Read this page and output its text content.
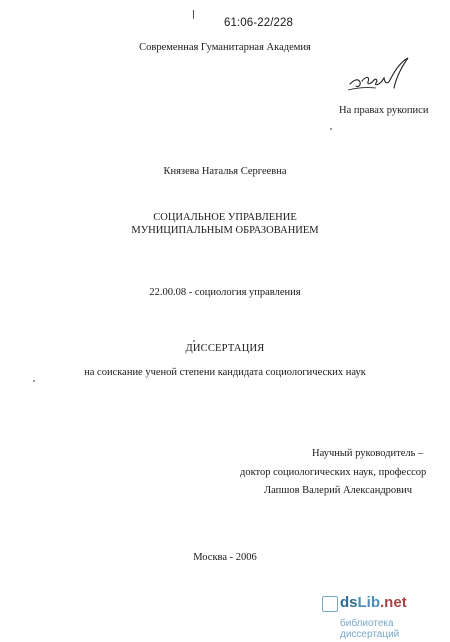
61:06-22/228
Современная Гуманитарная Академия
На правах рукописи
Князева Наталья Сергеевна
СОЦИАЛЬНОЕ УПРАВЛЕНИЕ
МУНИЦИПАЛЬНЫМ ОБРАЗОВАНИЕМ
22.00.08 - социология управления
ДИССЕРТАЦИЯ
на соискание ученой степени кандидата социологических наук
Научный руководитель –
доктор социологических наук, профессор
Лапшов Валерий Александрович
Москва - 2006
dsLib.net
библиотека диссертаций
